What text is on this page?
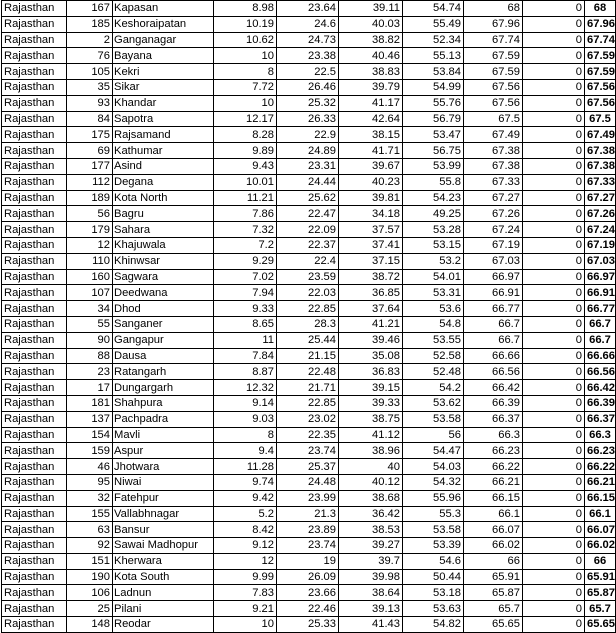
Rajasthan	167	Kapasan	8.98	23.64	39.11	54.74	68	0	68
Rajasthan	185	Keshoraipatan	10.19	24.6	40.03	55.49	67.96	0	67.96
Rajasthan	2	Ganganagar	10.62	24.73	38.82	52.34	67.74	0	67.74
Rajasthan	76	Bayana	10	23.38	40.46	55.13	67.59	0	67.59
Rajasthan	105	Kekri	8	22.5	38.83	53.84	67.59	0	67.59
Rajasthan	35	Sikar	7.72	26.46	39.79	54.99	67.56	0	67.56
Rajasthan	93	Khandar	10	25.32	41.17	55.76	67.56	0	67.56
Rajasthan	84	Sapotra	12.17	26.33	42.64	56.79	67.5	0	67.5
Rajasthan	175	Rajsamand	8.28	22.9	38.15	53.47	67.49	0	67.49
Rajasthan	69	Kathumar	9.89	24.89	41.71	56.75	67.38	0	67.38
Rajasthan	177	Asind	9.43	23.31	39.67	53.99	67.38	0	67.38
Rajasthan	112	Degana	10.01	24.44	40.23	55.8	67.33	0	67.33
Rajasthan	189	Kota North	11.21	25.62	39.81	54.23	67.27	0	67.27
Rajasthan	56	Bagru	7.86	22.47	34.18	49.25	67.26	0	67.26
Rajasthan	179	Sahara	7.32	22.09	37.57	53.28	67.24	0	67.24
Rajasthan	12	Khajuwala	7.2	22.37	37.41	53.15	67.19	0	67.19
Rajasthan	110	Khinwsar	9.29	22.4	37.15	53.2	67.03	0	67.03
Rajasthan	160	Sagwara	7.02	23.59	38.72	54.01	66.97	0	66.97
Rajasthan	107	Deedwana	7.94	22.03	36.85	53.31	66.91	0	66.91
Rajasthan	34	Dhod	9.33	22.85	37.64	53.6	66.77	0	66.77
Rajasthan	55	Sanganer	8.65	28.3	41.21	54.8	66.7	0	66.7
Rajasthan	90	Gangapur	11	25.44	39.46	53.55	66.7	0	66.7
Rajasthan	88	Dausa	7.84	21.15	35.08	52.58	66.66	0	66.66
Rajasthan	23	Ratangarh	8.87	22.48	36.83	52.48	66.56	0	66.56
Rajasthan	17	Dungargarh	12.32	21.71	39.15	54.2	66.42	0	66.42
Rajasthan	181	Shahpura	9.14	22.85	39.33	53.62	66.39	0	66.39
Rajasthan	137	Pachpadra	9.03	23.02	38.75	53.58	66.37	0	66.37
Rajasthan	154	Mavli	8	22.35	41.12	56	66.3	0	66.3
Rajasthan	159	Aspur	9.4	23.74	38.96	54.47	66.23	0	66.23
Rajasthan	46	Jhotwara	11.28	25.37	40	54.03	66.22	0	66.22
Rajasthan	95	Niwai	9.74	24.48	40.12	54.32	66.21	0	66.21
Rajasthan	32	Fatehpur	9.42	23.99	38.68	55.96	66.15	0	66.15
Rajasthan	155	Vallabhnagar	5.2	21.3	36.42	55.3	66.1	0	66.1
Rajasthan	63	Bansur	8.42	23.89	38.53	53.58	66.07	0	66.07
Rajasthan	92	Sawai Madhopur	9.12	23.74	39.27	53.39	66.02	0	66.02
Rajasthan	151	Kherwara	12	19	39.7	54.6	66	0	66
Rajasthan	190	Kota South	9.99	26.09	39.98	50.44	65.91	0	65.91
Rajasthan	106	Ladnun	7.83	23.66	38.64	53.18	65.87	0	65.87
Rajasthan	25	Pilani	9.21	22.46	39.13	53.63	65.7	0	65.7
Rajasthan	148	Reodar	10	25.33	41.43	54.82	65.65	0	65.65
